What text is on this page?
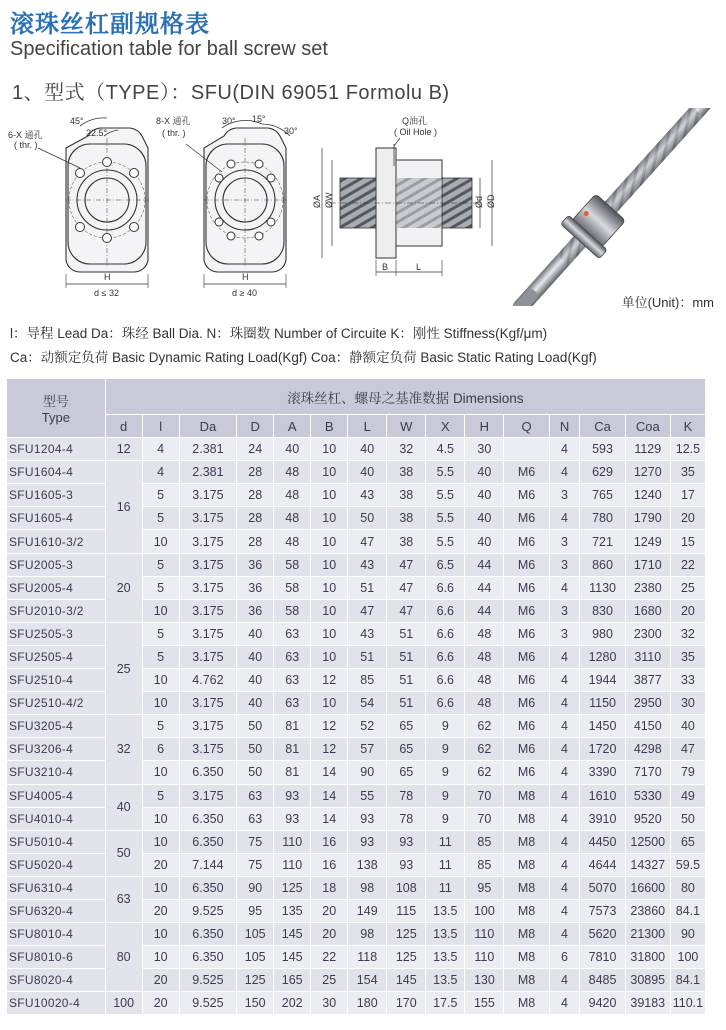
滚珠丝杠副规格表
Specification table for ball screw set
1、型式（TYPE）：SFU(DIN 69051 Formolu B)
45°
22.5°
6-X 通孔
( thr. )
H
d ≤ 32
30° 15°
30°
8-X 通孔
( thr. )
H
d ≥ 40
Q油孔
( Oil Hole )
ØA ØW	Ød ØD
B	L
单位(Unit)：mm
l：导程 Lead Da：珠经 Ball Dia. N：珠圈数 Number of Circuite K：刚性 Stiffness(Kgf/μm)
Ca：动额定负荷 Basic Dynamic Rating Load(Kgf) Coa：静额定负荷 Basic Static Rating Load(Kgf)
型号
Type	滚珠丝杠、螺母之基准数据 Dimensions														
	d	l	Da	D	A	B	L	W	X	H	Q	N	Ca	Coa	K
SFU1204-4	12	4	2.381	24	40	10	40	32	4.5	30		4	593	1129	12.5
SFU1604-4	16	4	2.381	28	48	10	40	38	5.5	40	M6	4	629	1270	35
SFU1605-3		5	3.175	28	48	10	43	38	5.5	40	M6	3	765	1240	17
SFU1605-4		5	3.175	28	48	10	50	38	5.5	40	M6	4	780	1790	20
SFU1610-3/2		10	3.175	28	48	10	47	38	5.5	40	M6	3	721	1249	15
SFU2005-3	20	5	3.175	36	58	10	43	47	6.5	44	M6	3	860	1710	22
SFU2005-4		5	3.175	36	58	10	51	47	6.6	44	M6	4	1130	2380	25
SFU2010-3/2		10	3.175	36	58	10	47	47	6.6	44	M6	3	830	1680	20
SFU2505-3	25	5	3.175	40	63	10	43	51	6.6	48	M6	3	980	2300	32
SFU2505-4		5	3.175	40	63	10	51	51	6.6	48	M6	4	1280	3110	35
SFU2510-4		10	4.762	40	63	12	85	51	6.6	48	M6	4	1944	3877	33
SFU2510-4/2		10	3.175	40	63	10	54	51	6.6	48	M6	4	1150	2950	30
SFU3205-4	32	5	3.175	50	81	12	52	65	9	62	M6	4	1450	4150	40
SFU3206-4		6	3.175	50	81	12	57	65	9	62	M6	4	1720	4298	47
SFU3210-4		10	6.350	50	81	14	90	65	9	62	M6	4	3390	7170	79
SFU4005-4	40	5	3.175	63	93	14	55	78	9	70	M8	4	1610	5330	49
SFU4010-4		10	6.350	63	93	14	93	78	9	70	M8	4	3910	9520	50
SFU5010-4	50	10	6.350	75	110	16	93	93	11	85	M8	4	4450	12500	65
SFU5020-4		20	7.144	75	110	16	138	93	11	85	M8	4	4644	14327	59.5
SFU6310-4	63	10	6.350	90	125	18	98	108	11	95	M8	4	5070	16600	80
SFU6320-4		20	9.525	95	135	20	149	115	13.5	100	M8	4	7573	23860	84.1
SFU8010-4	80	10	6.350	105	145	20	98	125	13.5	110	M8	4	5620	21300	90
SFU8010-6		10	6.350	105	145	22	118	125	13.5	110	M8	6	7810	31800	100
SFU8020-4		20	9.525	125	165	25	154	145	13.5	130	M8	4	8485	30895	84.1
SFU10020-4	100	20	9.525	150	202	30	180	170	17.5	155	M8	4	9420	39183	110.1
